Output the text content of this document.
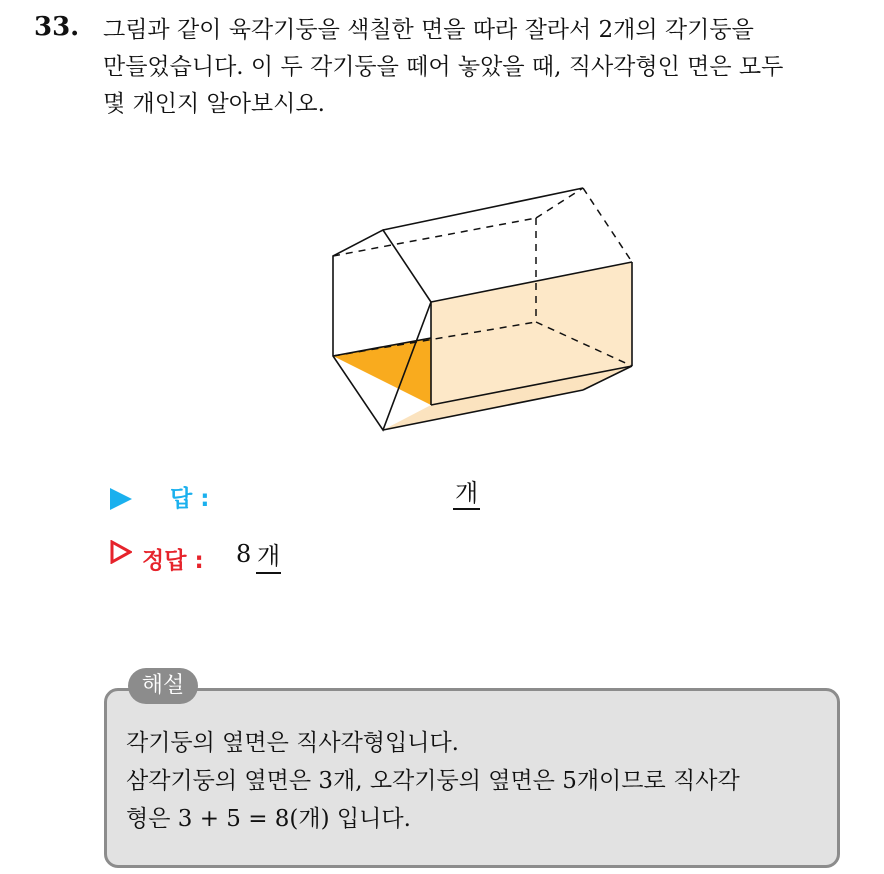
33. 그림과 같이 육각기둥을 색칠한 면을 따라 잘라서 2개의 각기둥을
만들었습니다. 이 두 각기둥을 떼어 놓았을 때, 직사각형인 면은 모두
몇 개인지 알아보시오.
답 :	개
정답 : 8 개
해설
각기둥의 옆면은 직사각형입니다.
삼각기둥의 옆면은 3개, 오각기둥의 옆면은 5개이므로 직사각
형은 3 + 5 = 8(개) 입니다.
